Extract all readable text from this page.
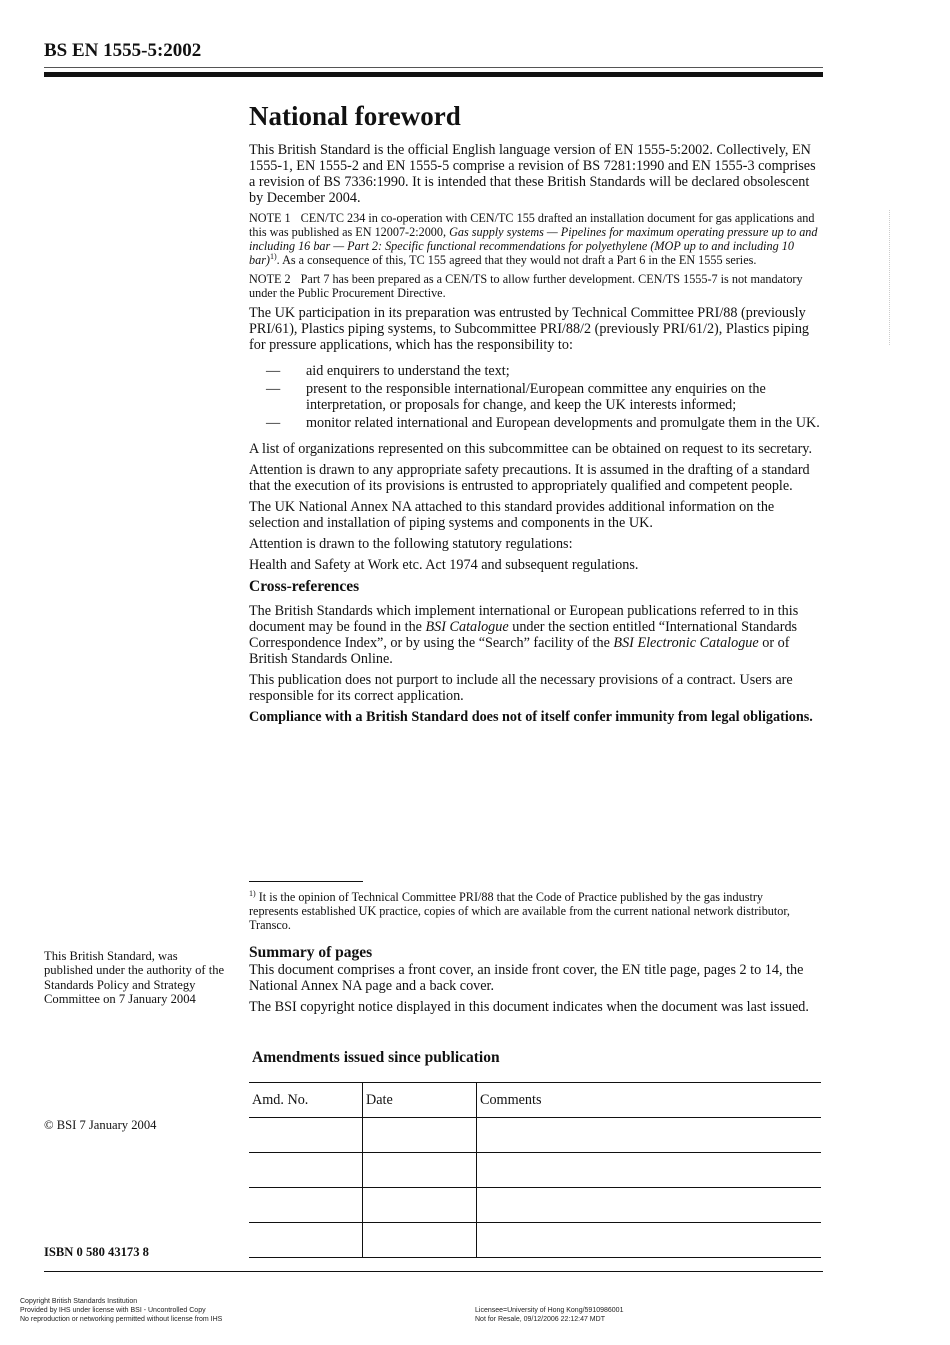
BS EN 1555-5:2002
National foreword

This British Standard is the official English language version of EN 1555-5:2002. Collectively, EN 1555-1, EN 1555-2 and EN 1555-5 comprise a revision of BS 7281:1990 and EN 1555-3 comprises a revision of BS 7336:1990. It is intended that these British Standards will be declared obsolescent by December 2004.

NOTE 1 CEN/TC 234 in co-operation with CEN/TC 155 drafted an installation document for gas applications and this was published as EN 12007-2:2000, Gas supply systems — Pipelines for maximum operating pressure up to and including 16 bar — Part 2: Specific functional recommendations for polyethylene (MOP up to and including 10 bar)$^{1)}$. As a consequence of this, TC 155 agreed that they would not draft a Part 6 in the EN 1555 series.

NOTE 2 Part 7 has been prepared as a CEN/TS to allow further development. CEN/TS 1555-7 is not mandatory under the Public Procurement Directive.

The UK participation in its preparation was entrusted by Technical Committee PRI/88 (previously PRI/61), Plastics piping systems, to Subcommittee PRI/88/2 (previously PRI/61/2), Plastics piping for pressure applications, which has the responsibility to:

— aid enquirers to understand the text;
— present to the responsible international/European committee any enquiries on the interpretation, or proposals for change, and keep the UK interests informed;
— monitor related international and European developments and promulgate them in the UK.

A list of organizations represented on this subcommittee can be obtained on request to its secretary.

Attention is drawn to any appropriate safety precautions. It is assumed in the drafting of a standard that the execution of its provisions is entrusted to appropriately qualified and competent people.

The UK National Annex NA attached to this standard provides additional information on the selection and installation of piping systems and components in the UK.

Attention is drawn to the following statutory regulations:

Health and Safety at Work etc. Act 1974 and subsequent regulations.

Cross-references

The British Standards which implement international or European publications referred to in this document may be found in the BSI Catalogue under the section entitled “International Standards Correspondence Index”, or by using the “Search” facility of the BSI Electronic Catalogue or of British Standards Online.

This publication does not purport to include all the necessary provisions of a contract. Users are responsible for its correct application.

Compliance with a British Standard does not of itself confer immunity from legal obligations.

$^{1)}$ It is the opinion of Technical Committee PRI/88 that the Code of Practice published by the gas industry represents established UK practice, copies of which are available from the current national network distributor, Transco.
This British Standard, was published under the authority of the Standards Policy and Strategy Committee on 7 January 2004
© BSI 7 January 2004
ISBN 0 580 43173 8
Summary of pages

This document comprises a front cover, an inside front cover, the EN title page, pages 2 to 14, the National Annex NA page and a back cover.

The BSI copyright notice displayed in this document indicates when the document was last issued.

Amendments issued since publication
Amd. No.	Date	Comments

Copyright British Standards Institution
Provided by IHS under license with BSI - Uncontrolled Copy
No reproduction or networking permitted without license from IHS
Licensee=University of Hong Kong/5910986001
Not for Resale, 09/12/2006 22:12:47 MDT
